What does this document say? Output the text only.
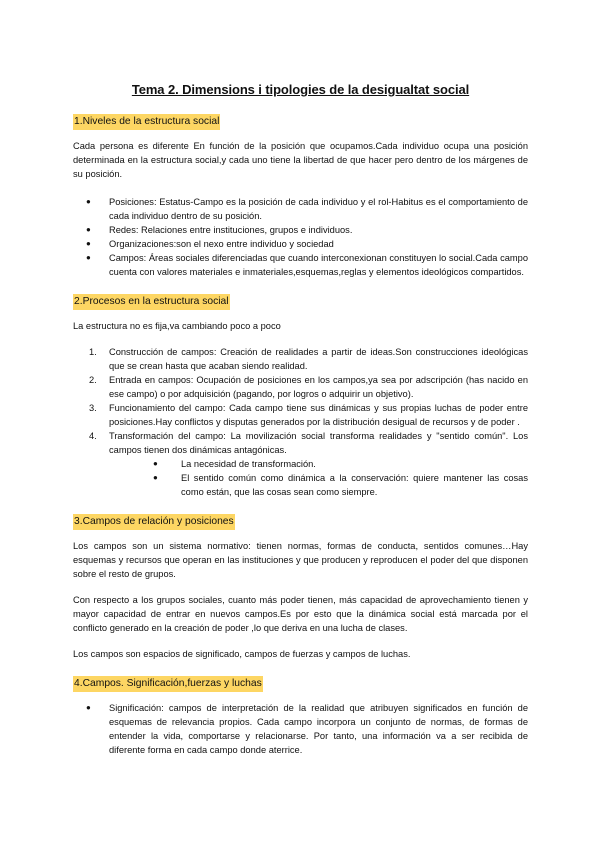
Tema 2. Dimensions i tipologies de la desigualtat social
1.Niveles de la estructura social

Cada persona es diferente En función de la posición que ocupamos.Cada individuo ocupa una posición determinada en la estructura social,y cada uno tiene la libertad de que hacer pero dentro de los márgenes de su posición.

● Posiciones: Estatus-Campo es la posición de cada individuo y el rol-Habitus es el comportamiento de cada individuo dentro de su posición.
● Redes: Relaciones entre instituciones, grupos e individuos.
● Organizaciones:son el nexo entre individuo y sociedad
● Campos: Áreas sociales diferenciadas que cuando interconexionan constituyen lo social.Cada campo cuenta con valores materiales e inmateriales,esquemas,reglas y elementos ideológicos compartidos.
2.Procesos en la estructura social

La estructura no es fija,va cambiando poco a poco

1. Construcción de campos: Creación de realidades a partir de ideas.Son construcciones ideológicas que se crean hasta que acaban siendo realidad.
2. Entrada en campos: Ocupación de posiciones en los campos,ya sea por adscripción (has nacido en ese campo) o por adquisición (pagando, por logros o adquirir un objetivo).
3. Funcionamiento del campo: Cada campo tiene sus dinámicas y sus propias luchas de poder entre posiciones.Hay conflictos y disputas generados por la distribución desigual de recursos y de poder .
4. Transformación del campo: La movilización social transforma realidades y "sentido común". Los campos tienen dos dinámicas antagónicas.
● La necesidad de transformación.
● El sentido común como dinámica a la conservación: quiere mantener las cosas como están, que las cosas sean como siempre.
3.Campos de relación y posiciones

Los campos son un sistema normativo: tienen normas, formas de conducta, sentidos comunes…Hay esquemas y recursos que operan en las instituciones y que producen y reproducen el poder del que disponen sobre el resto de grupos.

Con respecto a los grupos sociales, cuanto más poder tienen, más capacidad de aprovechamiento tienen y mayor capacidad de entrar en nuevos campos.Es por esto que la dinámica social está marcada por el conflicto generado en la creación de poder ,lo que deriva en una lucha de clases.

Los campos son espacios de significado, campos de fuerzas y campos de luchas.

4.Campos. Significación,fuerzas y luchas
● Significación: campos de interpretación de la realidad que atribuyen significados en función de esquemas de relevancia propios. Cada campo incorpora un conjunto de normas, de formas de entender la vida, comportarse y relacionarse. Por tanto, una información va a ser recibida de diferente forma en cada campo donde aterrice.
